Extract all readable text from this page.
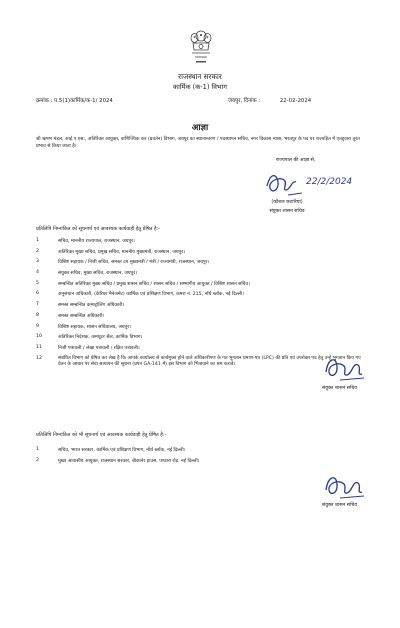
राजस्थान सरकार
कार्मिक (क-1) विभाग
क्रमांक : प.5(1)कार्मिक/क-1/ 2024	जयपुर, दिनांक :	22-02-2024
आज्ञा
श्री ऋषभ मंडल, आई.ए.एस., अतिरिक्त आयुक्त, वाणिज्यिक कर (प्रवर्तन) विभाग, जयपुर का स्थानान्तरण / पदस्थापन सचिव, नगर विकास न्यास, भरतपुर के पद पर राज्यहित में एतद्द्वारा तुरंत प्रभाव से किया जाता है।
राज्यपाल की आज्ञा से,
22/2/2024
(कौशल कटारिया)
संयुक्त शासन सचिव
प्रतिलिपि निम्नांकित को सूचनार्थ एवं आवश्यक कार्यवाही हेतु प्रेषित है:-
1	सचिव, माननीय राज्यपाल, राजस्थान, जयपुर।
2	अतिरिक्त मुख्य सचिव, प्रमुख सचिव, माननीय मुख्यमंत्री, राजस्थान, जयपुर।
3	विशिष्ट सहायक / निजी सचिव, समस्त उप मुख्यमंत्री / मंत्री / राज्यमंत्री, राजस्थान, जयपुर।
4	संयुक्त सचिव, मुख्य सचिव, राजस्थान, जयपुर।
5	सम्बन्धित अतिरिक्त मुख्य सचिव / प्रमुख शासन सचिव / शासन सचिव / सम्भागीय आयुक्त / विशिष्ट शासन सचिव।
6	अनुसंधान अधिकारी, (केरियर मैनेजमेंट) कार्मिक एवं प्रशिक्षण विभाग, कमरा नं. 215, नॉर्थ ब्लॉक, नई दिल्ली।
7	समस्त सम्बन्धित कम्पट्रोलिंग अधिकारी।
8	समस्त सम्बन्धित अधिकारी।
9	विशिष्ट सहायक, शासन सचिवालय, जयपुर।
10	अतिरिक्त निदेशक, कम्प्यूटर सैल, कार्मिक विभाग।
11	निजी पत्रावली / लेखा पत्रावली / रक्षित पत्रावली।
12	संबंधित विभाग को प्रेषित कर लेख है कि आपके कार्यालय से कार्यमुक्त होने वाले अधिकारीगण के गत भुगतान प्रमाण-पत्र (LPC) की प्रति एवं उपरोक्त पद हेतु उन्हें भुगतान किए गए वेतन के आधार पर सेवा सत्यापन की सूचना (प्रपत्र GA-141 में) इस विभाग को भिजवाने का श्रम करावें।
संयुक्त शासन सचिव
प्रतिलिपि निम्नांकित को भी सूचनार्थ एवं आवश्यक कार्यवाही हेतु प्रेषित है:-
1	सचिव, भारत सरकार, कार्मिक एवं प्रशिक्षण विभाग, नॉर्थ ब्लॉक, नई दिल्ली।
2	मुख्य आवासीय आयुक्त, राजस्थान सरकार, बीकानेर हाउस, पण्डारा रोड़, नई दिल्ली।
संयुक्त शासन सचिव
